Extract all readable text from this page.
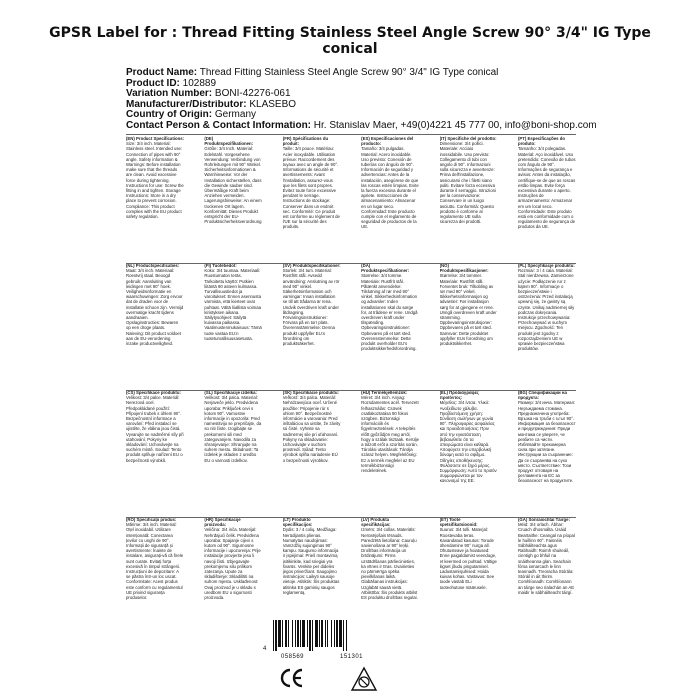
GPSR Label for : Thread Fitting Stainless Steel Angle Screw 90° 3/4" IG Type conical
Product Name: Thread Fitting Stainless Steel Angle Screw 90° 3/4" IG Type conical
Product ID: 102889
Variation Number: BONI-42276-061
Manufacturer/Distributor: KLASEBO
Country of Origin: Germany
Contact Person & Contact Information: Hr. Stanislav Maer, +49(0)4221 45 777 00, info@boni-shop.com
(EN) Product Specifications:
Size: 3/4 inch. Material: Stainless steel. Intended use: Connection of pipes with 90° angle. Safety information & Warnings: Before installation make sure that the threads are clean. Avoid excessive force during tightening. Instructions for use: Screw the fitting in and tighten. Storage Instructions: Store in a dry place to prevent corrosion. Compliance: This product complies with the EU product safety regulation.
(DE) Produktspezifikationen:
Größe: 3/4 Inch. Material: Edelstahl. Vorgesehene Verwendung: Verbindung von Rohrleitungen mit 90° Winkel. Sicherheitsinformationen & Warnhinweise: Vor der Installation sicherstellen, dass die Gewinde sauber sind. Übermäßige Kraft beim Anziehen vermeiden. Lagerungshinweise: An einem trockenen Ort lagern. Konformität: Dieses Produkt entspricht der EU-Produktsicherheitsverordnung.
(FR) Spécifications du produit:
Taille: 3/4 pouce. Matériau: Acier inoxydable. Utilisation prévue: Raccordement des tuyaux avec un angle de 90°. Informations de sécurité et avertissements: Avant l'installation, assurez-vous que les filets sont propres. Évitez toute force excessive pendant le serrage. Instructions de stockage: Conserver dans un endroit sec. Conformité: Ce produit est conforme au règlement de l'UE sur la sécurité des produits.
(ES) Especificaciones del producto:
Tamaño: 3/4 pulgadas. Material: Acero inoxidable. Uso previsto: Conexión de tuberías con ángulo de 90°. Información de seguridad y advertencias: Antes de la instalación, asegúrese de que las roscas estén limpias. Evite la fuerza excesiva durante el apriete. Instrucciones de almacenamiento: Almacenar en un lugar seco. Conformidad: Este producto cumple con el reglamento de seguridad de productos de la UE.
(IT) Specifiche del prodotto:
Dimensione: 3/4 pollici. Materiale: Acciaio inossidabile. Uso previsto: Collegamento di tubi con angolo di 90°. Informazioni sulla sicurezza e avvertenze: Prima dell'installazione, assicurarsi che i filetti siano puliti. Evitare forza eccessiva durante il serraggio. Istruzioni per la conservazione: Conservare in un luogo asciutto. Conformità: Questo prodotto è conforme al regolamento UE sulla sicurezza dei prodotti.
(PT) Especificações do produto:
Tamanho: 3/4 polegadas. Material: Aço inoxidável. Uso pretendido: Conexão de tubos com ângulo de 90°. Informações de segurança e avisos: Antes da instalação, certifique-se de que as roscas estão limpas. Evite força excessiva durante o aperto. Instruções de armazenamento: Armazenar em um local seco. Conformidade: Este produto está em conformidade com o regulamento de segurança de produtos da UE.
(NL) Productspecificaties:
Maat: 3/4 inch. Materiaal: Roestvrij staal. Beoogd gebruik: Aansluiting van leidingen met 90° hoek. Veiligheidsinformatie en waarschuwingen: Zorg ervoor dat de draden voor de installatie schoon zijn. Vermijd overmatige kracht tijdens aandraaien. Opslaginstructies: Bewaren op een droge plaats. Naleving: Dit product voldoet aan de EU-verordening inzake productveiligheid.
(FI) Tuotetiedot:
Koko: 3/4 tuumaa. Materiaali: Ruostumaton teräs. Tarkoitettu käyttö: Putkien liitäntä 90 asteen kulmassa. Turvallisuustiedot ja varoitukset: Ennen asennusta varmista, että kierteet ovat puhtaat. Vältä liiallista voimaa kiristyksen aikana. Säilytysohjeet: Säilytä kuivassa paikassa. Vaatimustenmukaisuus: Tämä tuote vastaa EU:n tuoteturvallisuusasetusta.
(SV) Produktspecifikationer:
Storlek: 3/4 tum. Material: Rostfritt stål. Avsedd användning: Anslutning av rör med 90° vinkel. Säkerhetsinformation och varningar: Innan installation se till att trådarna är rena. Undvik överdriven kraft under åtdragning. Förvaringsinstruktioner: Förvara på en torr plats. Överensstämmelse: Denna produkt uppfyller EU:s förordning om produktsäkerhet.
(DA) Produktspecifikationer:
Størrelse: 3/4 tomme. Materiale: Rustfrit stål. Påtænkt anvendelse: Tilslutning af rør med 90° vinkel. Sikkerhedsinformation og advarsler: Inden installationen skal du sørge for, at trådene er rene. Undgå overdreven kraft under tilspænding. Opbevaringsinstruktioner: Opbevares på et tørt sted. Overensstemmelse: Dette produkt overholder EU's produktsikkerhedsforordning.
(NO) Produktspesifikasjoner:
Størrelse: 3/4 tommer. Materiale: Rustfritt stål. Forventet bruk: Tilkobling av rør med 90° vinkel. Sikkerhetsinformasjon og advarsler: Før installasjon sørg for at gjengene er rene. Unngå overdreven kraft under stramming. Oppbevaringsinstruksjoner: Oppbevares på et tørt sted. Samsvar: Dette produktet oppfyller EUs forordning om produktsikkerhet.
(PL) Specyfikacje produktu:
Rozmiar: 3 / 4 cala. Materiał: Stal nierdzewna. Zamierzone użycie: Podłączenie rur z kątem 90°. Informacje o bezpieczeństwie i ostrzeżenia: Przed instalacją upewnij się, że gwinty są czyste. Unikaj nadmiernej siły podczas dokręcania. Instrukcje przechowywania: Przechowywać w suchym miejscu. Zgodność: Ten produkt jest zgodny z rozporządzeniem UE w sprawie bezpieczeństwa produktów.
(CS) Specifikace produktu:
Velikost: 3/4 palce. Materiál: Nerezová ocel. Předpokládané použití: Připojení trubek s úhlem 90°. Bezpečnostní informace a varování: Před instalací se ujistěte, že vlákna jsou čistá. Vyvarujte se nadměrné síly při utahování. Pokyny ke skladování: Uchovávejte na suchém místě. Soulad: Tento produkt splňuje nařízení EU o bezpečnosti výrobků.
(SL) Specifikacije izdelka:
Velikost: 3/4 palca. Material: Nerjaveče jeklo. Predvidena uporaba: Priključek cevi s kotom 90°. Varnostne informacije in opozorila: Pred namestitvijo se prepričajte, da so niti čiste. Izogibajte se prekomerni sili med zategovanjem. Navodila za shranjevanje: Shranjujte na suhem mestu. Skladnost: Ta izdelek je skladen z uredbo EU o varnosti izdelkov.
(SK) Špecifikácie produktu:
Veľkosť: 3/4 palca. Materiál: Nehrdzavejúca oceľ. Určené použitie: Pripojenie rúr s uhlom 90°. Bezpečnostné informácie a varovania: Pred inštaláciou sa uistite, že závity sú čisté. Vyhnite sa nadmernej sile pri uťahovaní. Pokyny na skladovanie: Uchovávajte v suchom prostredí. Súlad: Tento výrobok spĺňa nariadenie EÚ o bezpečnosti výrobkov.
(HU) Termékjellemzők:
Méret: 3/4 inch. Anyag: Rozsdamentes acél. Tervezett felhasználás: Csövek csatlakoztatása 90 fokos szögben. Biztonsági információk és figyelmeztetések: A telepítés előtt győződjön meg arról, hogy a szálak tisztaak. Kerülje a túlzott erőt a szorítás során. Tárolási utasítások: Tárolja száraz helyen. Megfelelőség: Ez a termék megfelel az EU termékbiztonsági rendeletének.
(EL) Προδιαγραφές προϊόντος:
Μέγεθος: 3/4 ίντσα. Υλικό: Ανοξείδωτο χάλυβα. Προβλεπόμενη χρήση: Σύνδεση σωλήνων με γωνία 90°. Πληροφορίες ασφαλείας και προειδοποιήσεις: Πριν από την εγκατάσταση βεβαιωθείτε ότι τα σπειρώματα είναι καθαρά. Αποφύγετε την υπερβολική δύναμη κατά το σφίξιμο. Οδηγίες αποθήκευσης: Φυλάσσετε σε ξηρό μέρος. Συμμόρφωση: Αυτό το προϊόν συμμορφώνεται με τον κανονισμό της ΕΕ.
(BG) Спецификации на продукта:
Размер: 3/4 инча. Материал: Неръждаема стомана. Предназначена употреба: Връзка на тръби с ъгъл 90°. Информация за безопасност и предупреждения: Преди монтажа се уверете, че резбите са чисти. Избягвайте прекомерна сила при затягане. Инструкции за съхранение: Да се съхранява на сухо място. Съответствие: Този продукт отговаря на регламента на ЕС за безопасност на продуктите.
(RO) Specificații produs:
Mărime: 3/4 inch. Material: Oțel inoxidabil. Utilizare intenționată: Conectarea țevilor cu unghi de 90°. Informații de siguranță și avertismente: Înainte de instalare, asigurați-vă că firele sunt curate. Evitați forța excesivă în timpul strângerii. Instrucțiuni de depozitare: A se păstra într-un loc uscat. Conformitate: Acest produs este conform cu regulamentul UE privind siguranța produselor.
(HR) Specifikacije proizvoda:
Veličina: 3/4 inča. Materijal: Nehrđajući čelik. Predviđena uporaba: Spajanje cijevi s kutom od 90°. Sigurnosne informacije i upozorenja: Prije instalacije provjerite jesu li navoji čisti. Izbjegavajte prekomjernu silu prilikom zatezanja. Upute za skladištenje: Skladištiti na suhom mjestu. Usklađenost: Ovaj proizvod je u skladu s uredbom EU o sigurnosti proizvoda.
(LT) Produkto specifikacijos:
Dydis: 3 / 4 colių. Medžiaga: Nerūdijantis plienas. Numatytas naudojimas: Vamzdžių sujungimas 90° kampu. Saugumo informacija ir įspėjimai: Prieš montavimą įsitikinkite, kad sriegiai yra švarūs. Venkite per didelės jėgos priveržiant. Saugojimo instrukcijos: Laikyti sausoje vietoje. Atitiktis: Šis produktas atitinka ES gaminių saugos reglamentą.
(LV) Produkta specifikācijas:
Izmērs: 3/4 collas. Materiāls: Nerūsējošais tērauds. Paredzētā lietošana: Cauruļu savienošana ar 90° leņķi. Drošības informācija un brīdinājumi: Pirms uzstādīšanas pārliecinieties, ka vītnes ir tīras. Izvairieties no pārmērīga spēka pievilkšanas laikā. Glabāšanas instrukcijas: Uzglabāt sausā vietā. Atbilstība: Šis produkts atbilst ES produktu drošības regulai.
(ET) Toote spetsifikatsioonid:
Suurus: 3/4 tolli. Materjal: Roostevaba teras. Kavandatud kasutus: Torude ühendamine 90° nurga all. Ohutusteave ja hoiatused: Enne paigaldamist veenduge, et keermed on puhtad. Vältige liigset jõudu pingutamisel. Ladustamisjuhised: Hoida kuivas kohas. Vastavus: See toode vastab ELi tooteohutuse määrusele.
(GA) Sonraíochtaí Táirge:
Méid: 3/4 orlach. Ábhar: Cruach dhosmálta. Úsáid Beartaithe: Ceangal na píopaí le huillinn 90°. Faisnéis Sábháilteachta agus Rabhaidh: Roimh shuiteáil, cinntigh go bhfuil na snáitheanna glan. Seachain fórsa iomarcach le linn teannadh. Treoracha Stórála: Stóráil in áit thirim. Comhlíonadh: Comhlíonann an táirge seo rialachán an AE maidir le sábháilteacht táirgí.
4
058569	151301
